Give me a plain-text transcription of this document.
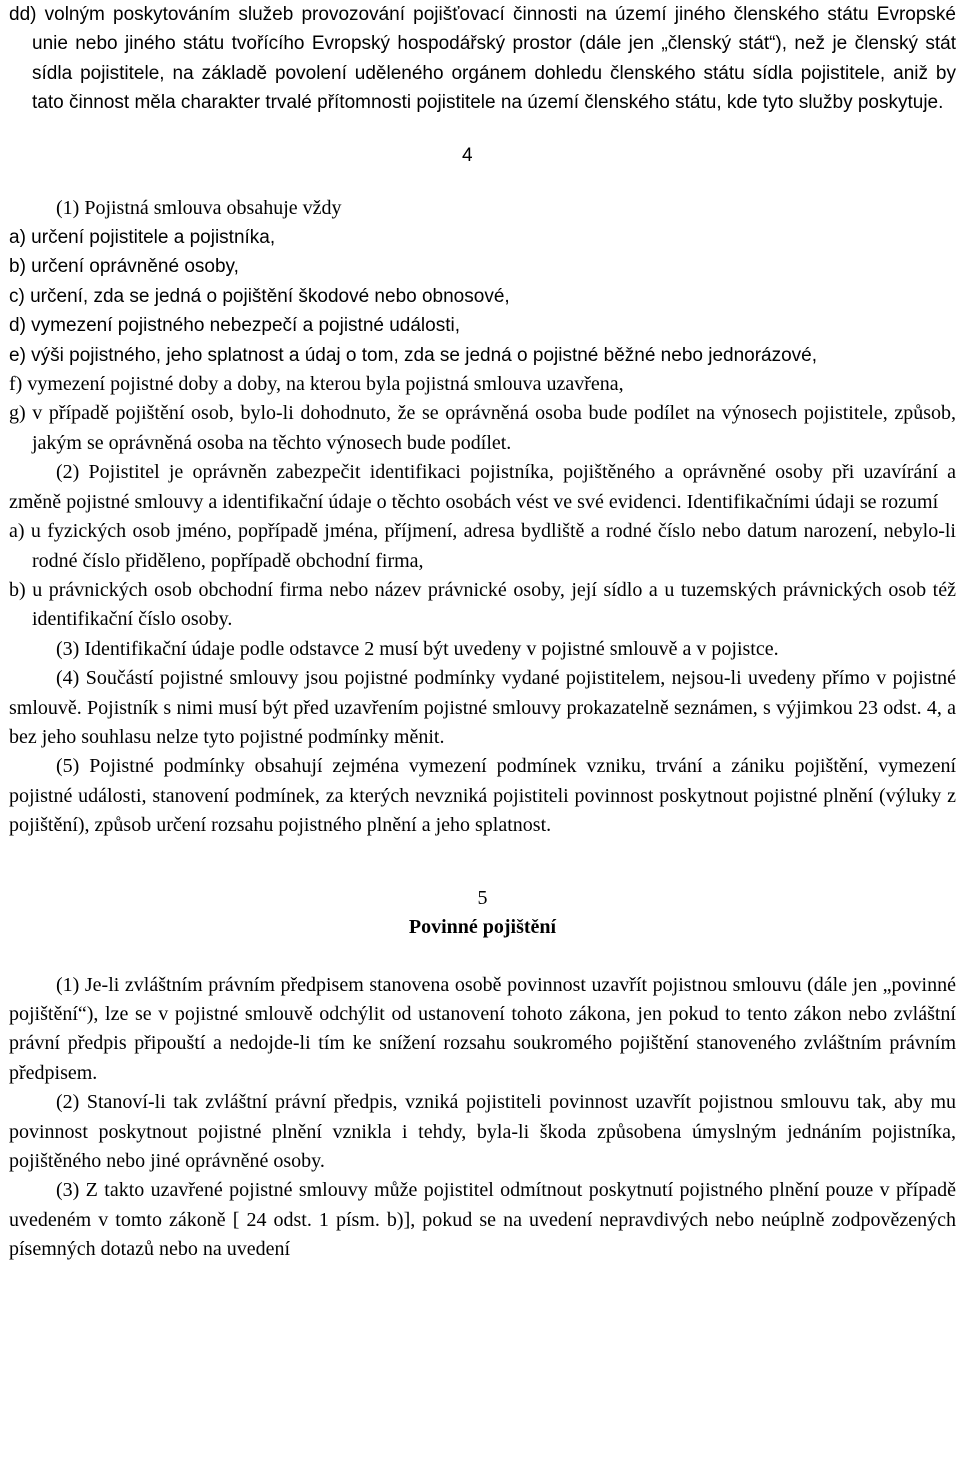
dd) volným poskytováním služeb provozování pojišťovací činnosti na území jiného členského státu Evropské unie nebo jiného státu tvořícího Evropský hospodářský prostor (dále jen „členský stát“), než je členský stát sídla pojistitele, na základě povolení uděleného orgánem dohledu členského státu sídla pojistitele, aniž by tato činnost měla charakter trvalé přítomnosti pojistitele na území členského státu, kde tyto služby poskytuje.

4

(1) Pojistná smlouva obsahuje vždy

a) určení pojistitele a pojistníka,

b) určení oprávněné osoby,

c) určení, zda se jedná o pojištění škodové nebo obnosové,

d) vymezení pojistného nebezpečí a pojistné události,

e) výši pojistného, jeho splatnost a údaj o tom, zda se jedná o pojistné běžné nebo jednorázové,

f) vymezení pojistné doby a doby, na kterou byla pojistná smlouva uzavřena,

g) v případě pojištění osob, bylo-li dohodnuto, že se oprávněná osoba bude podílet na výnosech pojistitele, způsob, jakým se oprávněná osoba na těchto výnosech bude podílet.

(2) Pojistitel je oprávněn zabezpečit identifikaci pojistníka, pojištěného a oprávněné osoby při uzavírání a změně pojistné smlouvy a identifikační údaje o těchto osobách vést ve své evidenci. Identifikačními údaji se rozumí

a) u fyzických osob jméno, popřípadě jména, příjmení, adresa bydliště a rodné číslo nebo datum narození, nebylo-li rodné číslo přiděleno, popřípadě obchodní firma,

b) u právnických osob obchodní firma nebo název právnické osoby, její sídlo a u tuzemských právnických osob též identifikační číslo osoby.

(3) Identifikační údaje podle odstavce 2 musí být uvedeny v pojistné smlouvě a v pojistce.

(4) Součástí pojistné smlouvy jsou pojistné podmínky vydané pojistitelem, nejsou-li uvedeny přímo v pojistné smlouvě. Pojistník s nimi musí být před uzavřením pojistné smlouvy prokazatelně seznámen, s výjimkou 23 odst. 4, a bez jeho souhlasu nelze tyto pojistné podmínky měnit.

(5) Pojistné podmínky obsahují zejména vymezení podmínek vzniku, trvání a zániku pojištění, vymezení pojistné události, stanovení podmínek, za kterých nevzniká pojistiteli povinnost poskytnout pojistné plnění (výluky z pojištění), způsob určení rozsahu pojistného plnění a jeho splatnost.

5

Povinné pojištění

(1) Je-li zvláštním právním předpisem stanovena osobě povinnost uzavřít pojistnou smlouvu (dále jen „povinné pojištění“), lze se v pojistné smlouvě odchýlit od ustanovení tohoto zákona, jen pokud to tento zákon nebo zvláštní právní předpis připouští a nedojde-li tím ke snížení rozsahu soukromého pojištění stanoveného zvláštním právním předpisem.

(2) Stanoví-li tak zvláštní právní předpis, vzniká pojistiteli povinnost uzavřít pojistnou smlouvu tak, aby mu povinnost poskytnout pojistné plnění vznikla i tehdy, byla-li škoda způsobena úmyslným jednáním pojistníka, pojištěného nebo jiné oprávněné osoby.

(3) Z takto uzavřené pojistné smlouvy může pojistitel odmítnout poskytnutí pojistného plnění pouze v případě uvedeném v tomto zákoně [ 24 odst. 1 písm. b)], pokud se na uvedení nepravdivých nebo neúplně zodpovězených písemných dotazů nebo na uvedení
